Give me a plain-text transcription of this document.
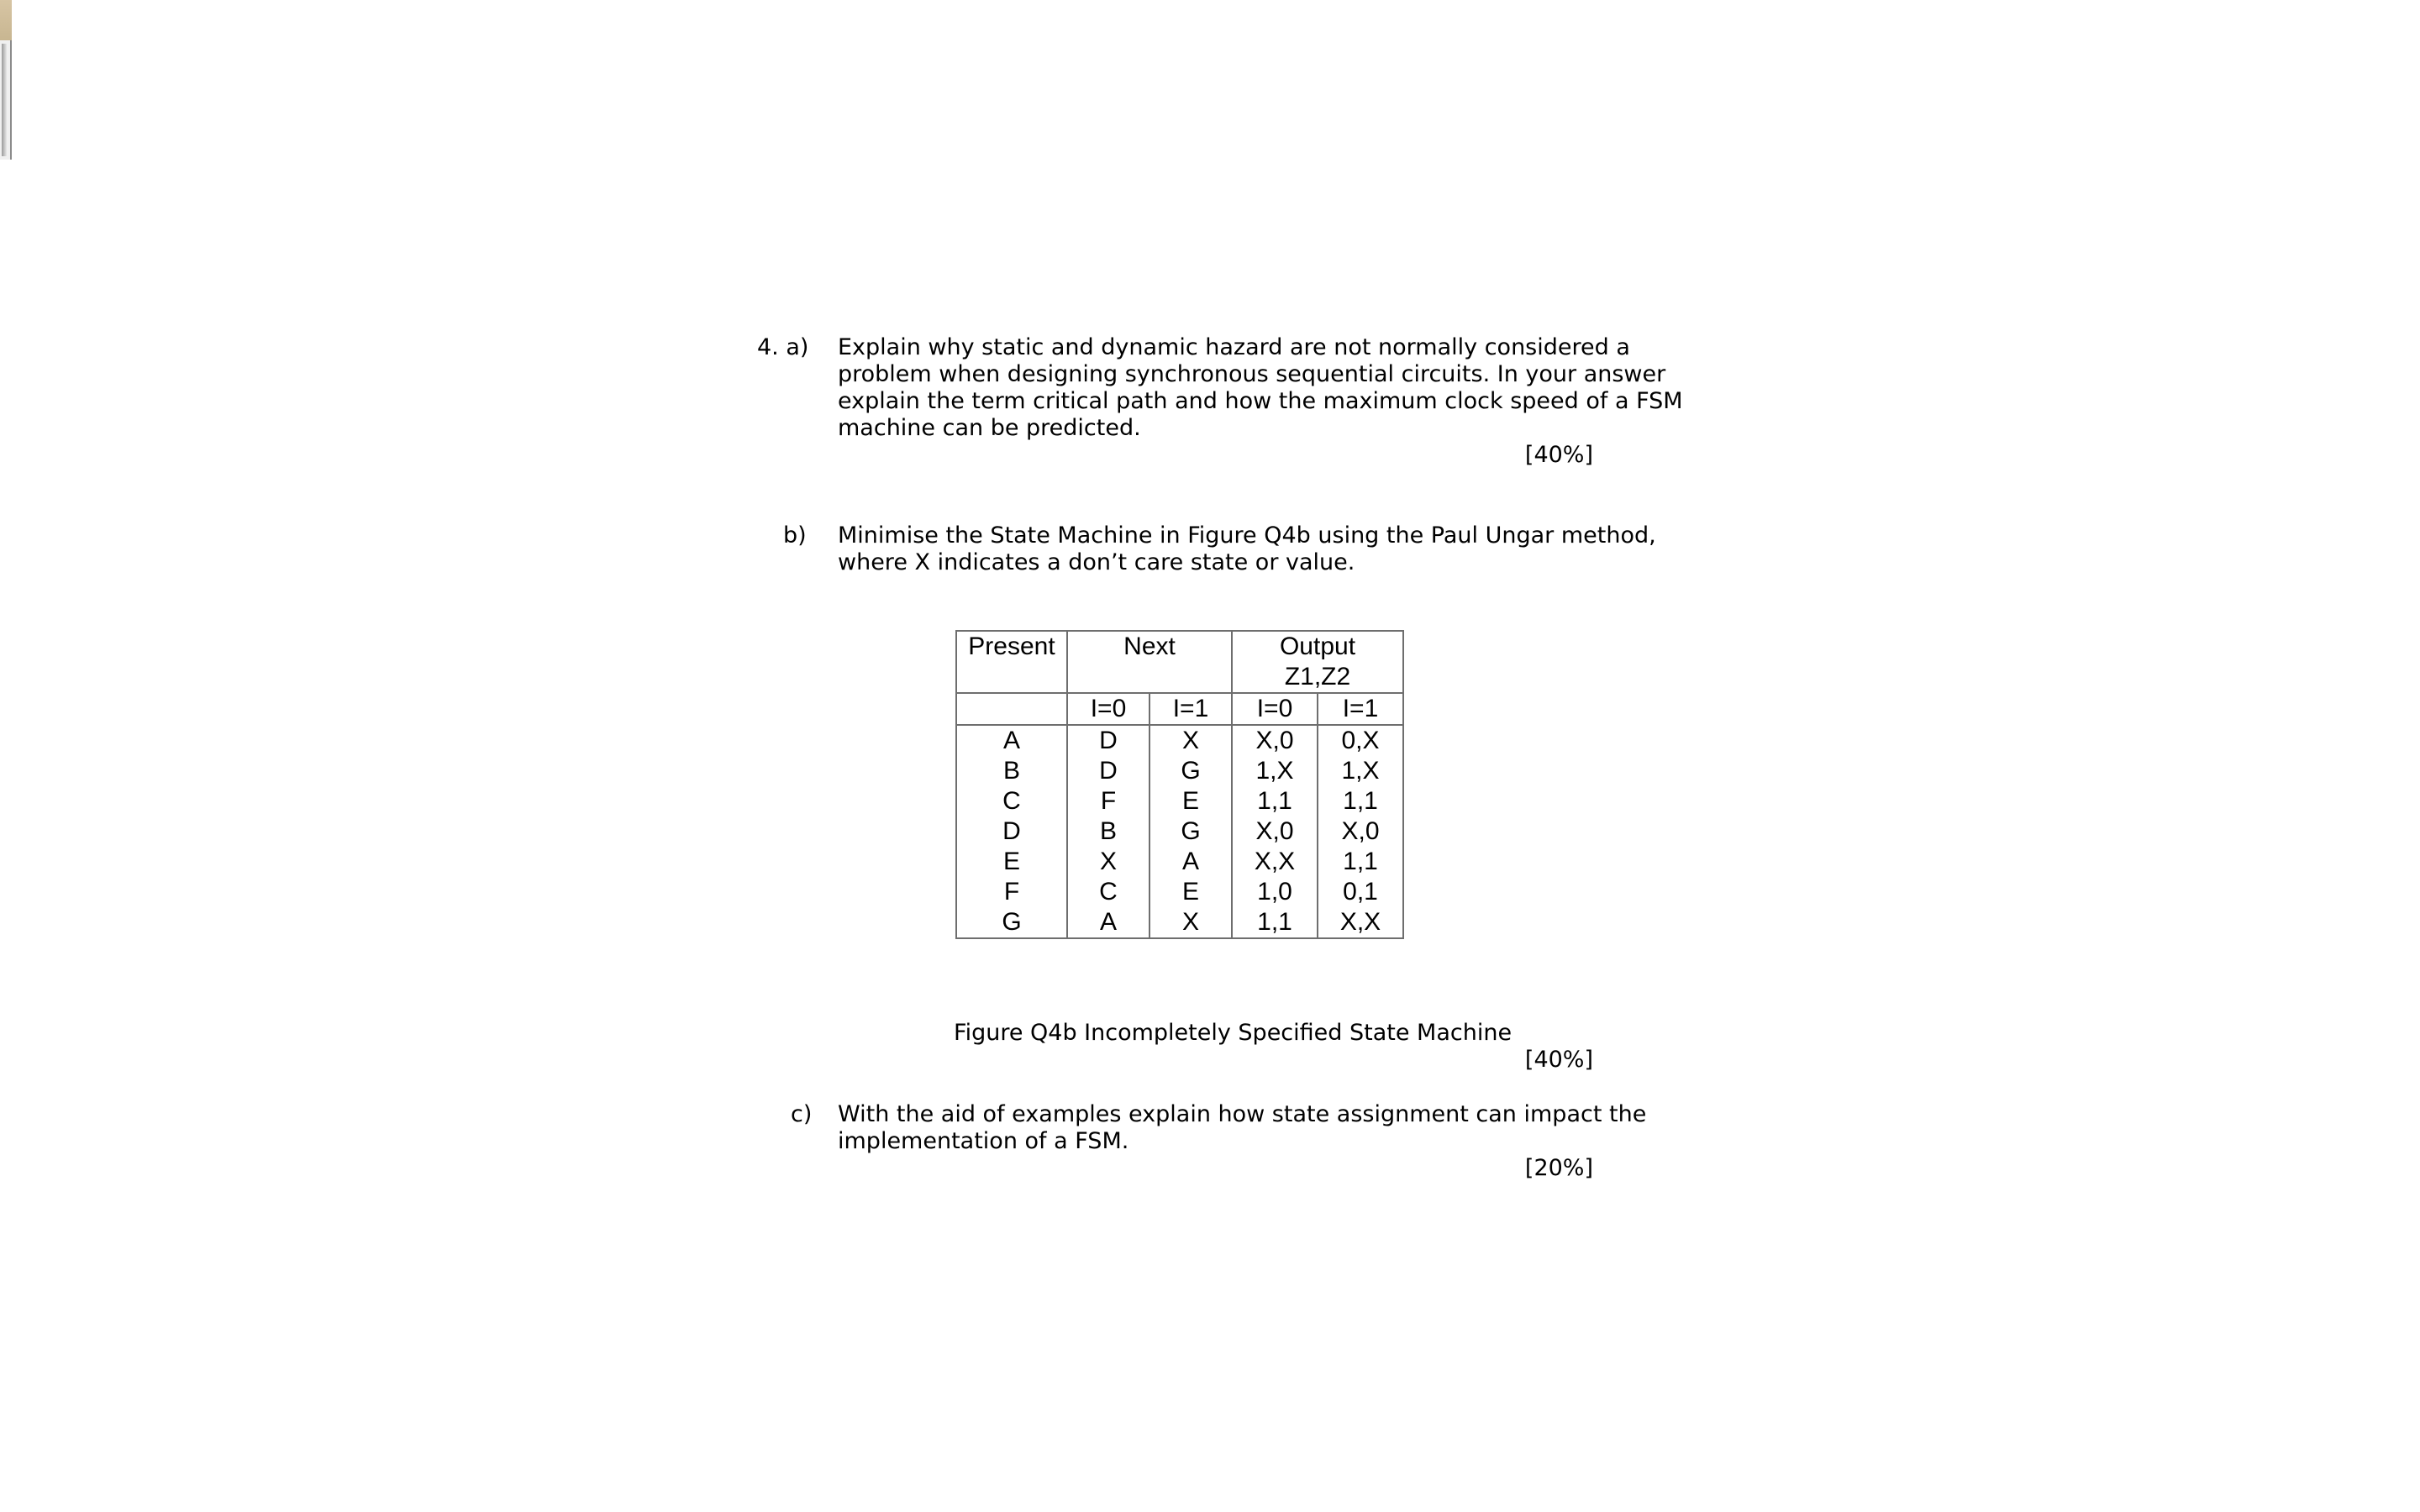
4. a) Explain why static and dynamic hazard are not normally considered a
problem when designing synchronous sequential circuits. In your answer
explain the term critical path and how the maximum clock speed of a FSM
machine can be predicted.
[40%]
b) Minimise the State Machine in Figure Q4b using the Paul Ungar method,
where X indicates a don’t care state or value.
Present	Next		Output
Z1,Z2	

	I=0	I=1	I=0	I=1
A	D	X	X,0	0,X
B	D	G	1,X	1,X
C	F	E	1,1	1,1
D	B	G	X,0	X,0
E	X	A	X,X	1,1
F	C	E	1,0	0,1
G	A	X	1,1	X,X
Figure Q4b Incompletely Specified State Machine
[40%]
c) With the aid of examples explain how state assignment can impact the
implementation of a FSM.
[20%]
